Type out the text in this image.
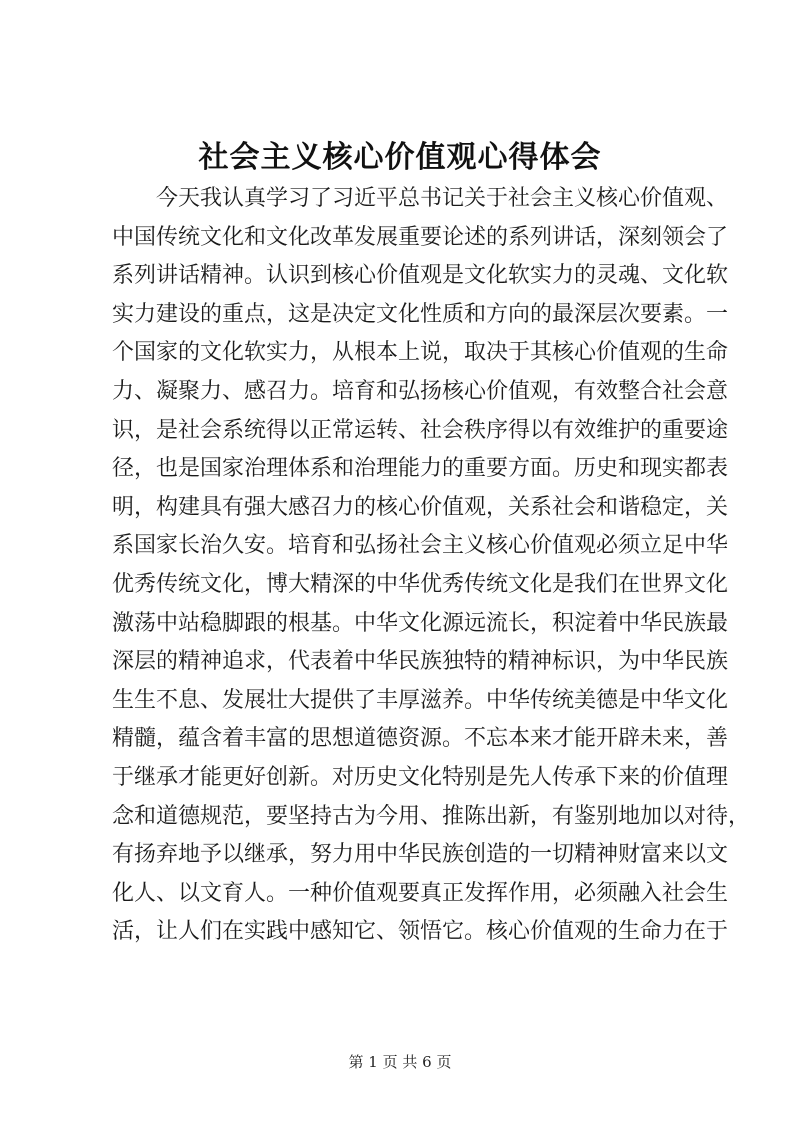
社会主义核心价值观心得体会
今天我认真学习了习近平总书记关于社会主义核心价值观、
中国传统文化和文化改革发展重要论述的系列讲话，深刻领会了
系列讲话精神。认识到核心价值观是文化软实力的灵魂、文化软
实力建设的重点，这是决定文化性质和方向的最深层次要素。一
个国家的文化软实力，从根本上说，取决于其核心价值观的生命
力、凝聚力、感召力。培育和弘扬核心价值观，有效整合社会意
识，是社会系统得以正常运转、社会秩序得以有效维护的重要途
径，也是国家治理体系和治理能力的重要方面。历史和现实都表
明，构建具有强大感召力的核心价值观，关系社会和谐稳定，关
系国家长治久安。培育和弘扬社会主义核心价值观必须立足中华
优秀传统文化，博大精深的中华优秀传统文化是我们在世界文化
激荡中站稳脚跟的根基。中华文化源远流长，积淀着中华民族最
深层的精神追求，代表着中华民族独特的精神标识，为中华民族
生生不息、发展壮大提供了丰厚滋养。中华传统美德是中华文化
精髓，蕴含着丰富的思想道德资源。不忘本来才能开辟未来，善
于继承才能更好创新。对历史文化特别是先人传承下来的价值理
念和道德规范，要坚持古为今用、推陈出新，有鉴别地加以对待，
有扬弃地予以继承，努力用中华民族创造的一切精神财富来以文
化人、以文育人。一种价值观要真正发挥作用，必须融入社会生
活，让人们在实践中感知它、领悟它。核心价值观的生命力在于
第 1 页 共 6 页
